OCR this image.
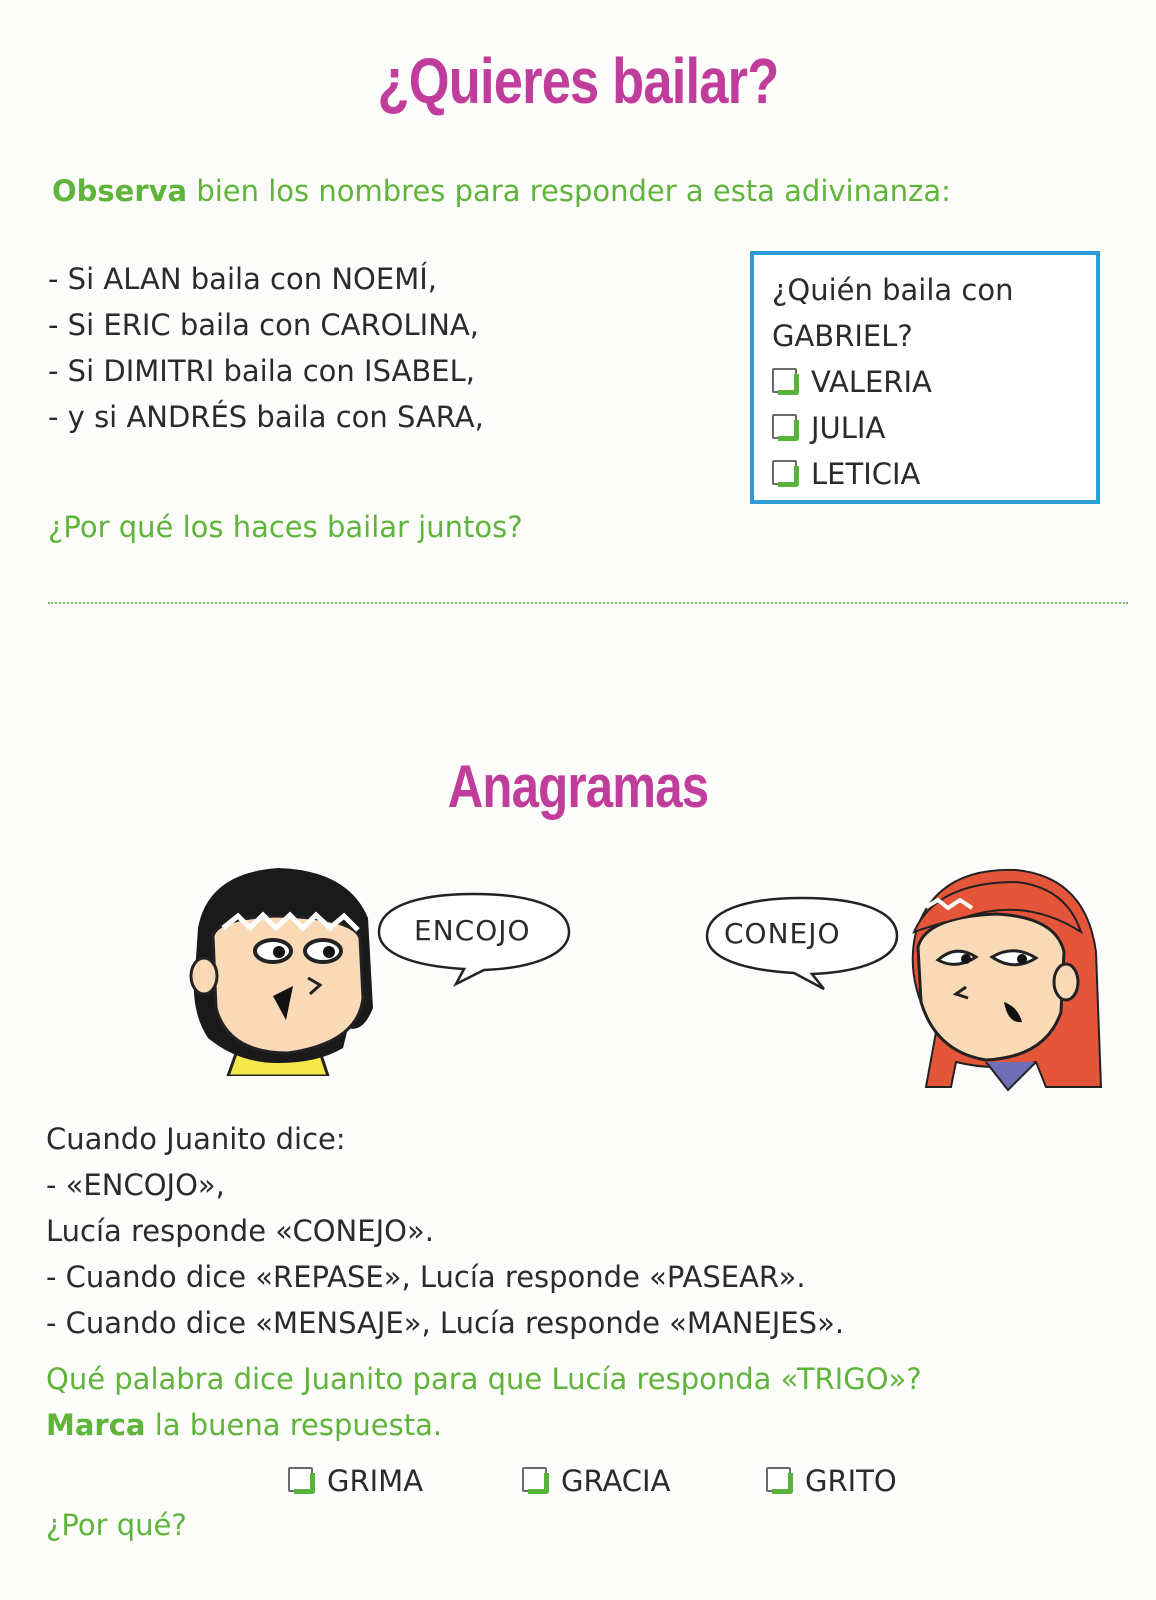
¿Quieres bailar?
Observa bien los nombres para responder a esta adivinanza:
- Si ALAN baila con NOEMÍ,
- Si ERIC baila con CAROLINA,
- Si DIMITRI baila con ISABEL,
- y si ANDRÉS baila con SARA,
¿Quién baila con
GABRIEL?
VALERIA
JULIA
LETICIA
¿Por qué los haces bailar juntos?
Anagramas
ENCOJO	CONEJO
Cuando Juanito dice:
- «ENCOJO»,
Lucía responde «CONEJO».
- Cuando dice «REPASE», Lucía responde «PASEAR».
- Cuando dice «MENSAJE», Lucía responde «MANEJES».
Qué palabra dice Juanito para que Lucía responda «TRIGO»?
Marca la buena respuesta.
GRIMA	GRACIA	GRITO
¿Por qué?
